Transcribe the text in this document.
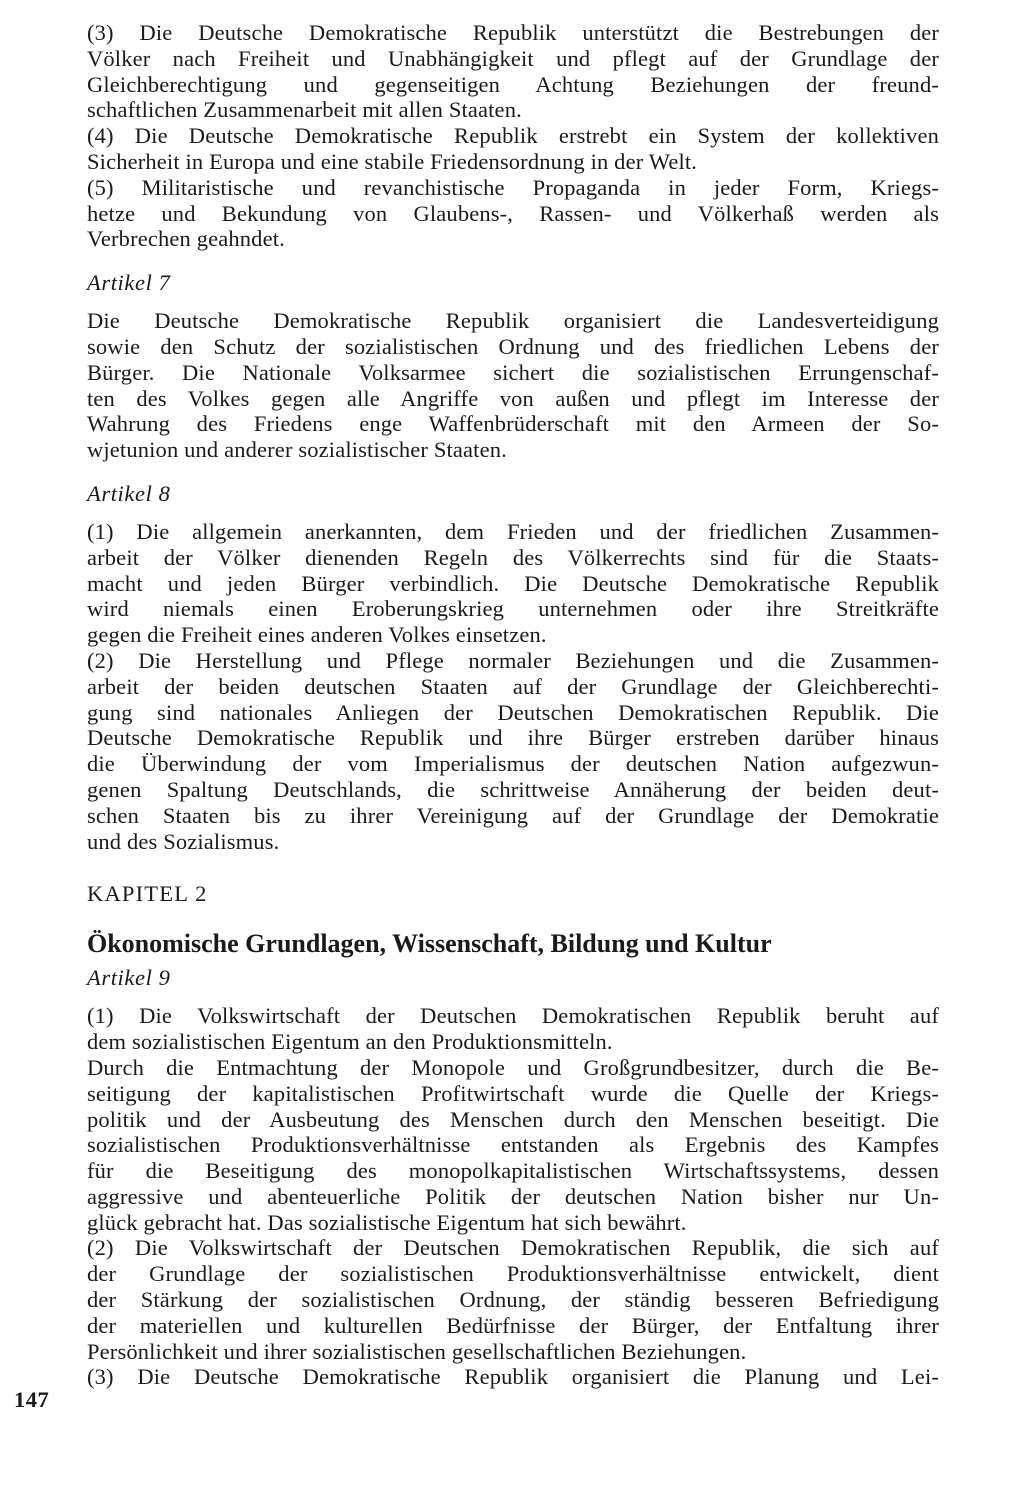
(3) Die Deutsche Demokratische Republik unterstützt die Bestrebungen der
Völker nach Freiheit und Unabhängigkeit und pflegt auf der Grundlage der
Gleichberechtigung und gegenseitigen Achtung Beziehungen der freund-
schaftlichen Zusammenarbeit mit allen Staaten.
(4) Die Deutsche Demokratische Republik erstrebt ein System der kollektiven
Sicherheit in Europa und eine stabile Friedensordnung in der Welt.
(5) Militaristische und revanchistische Propaganda in jeder Form, Kriegs-
hetze und Bekundung von Glaubens-, Rassen- und Völkerhaß werden als
Verbrechen geahndet.
Artikel 7
Die Deutsche Demokratische Republik organisiert die Landesverteidigung
sowie den Schutz der sozialistischen Ordnung und des friedlichen Lebens der
Bürger. Die Nationale Volksarmee sichert die sozialistischen Errungenschaf-
ten des Volkes gegen alle Angriffe von außen und pflegt im Interesse der
Wahrung des Friedens enge Waffenbrüderschaft mit den Armeen der So-
wjetunion und anderer sozialistischer Staaten.
Artikel 8
(1) Die allgemein anerkannten, dem Frieden und der friedlichen Zusammen-
arbeit der Völker dienenden Regeln des Völkerrechts sind für die Staats-
macht und jeden Bürger verbindlich. Die Deutsche Demokratische Republik
wird niemals einen Eroberungskrieg unternehmen oder ihre Streitkräfte
gegen die Freiheit eines anderen Volkes einsetzen.
(2) Die Herstellung und Pflege normaler Beziehungen und die Zusammen-
arbeit der beiden deutschen Staaten auf der Grundlage der Gleichberechti-
gung sind nationales Anliegen der Deutschen Demokratischen Republik. Die
Deutsche Demokratische Republik und ihre Bürger erstreben darüber hinaus
die Überwindung der vom Imperialismus der deutschen Nation aufgezwun-
genen Spaltung Deutschlands, die schrittweise Annäherung der beiden deut-
schen Staaten bis zu ihrer Vereinigung auf der Grundlage der Demokratie
und des Sozialismus.
KAPITEL 2
Ökonomische Grundlagen, Wissenschaft, Bildung und Kultur
Artikel 9
(1) Die Volkswirtschaft der Deutschen Demokratischen Republik beruht auf
dem sozialistischen Eigentum an den Produktionsmitteln.
Durch die Entmachtung der Monopole und Großgrundbesitzer, durch die Be-
seitigung der kapitalistischen Profitwirtschaft wurde die Quelle der Kriegs-
politik und der Ausbeutung des Menschen durch den Menschen beseitigt. Die
sozialistischen Produktionsverhältnisse entstanden als Ergebnis des Kampfes
für die Beseitigung des monopolkapitalistischen Wirtschaftssystems, dessen
aggressive und abenteuerliche Politik der deutschen Nation bisher nur Un-
glück gebracht hat. Das sozialistische Eigentum hat sich bewährt.
(2) Die Volkswirtschaft der Deutschen Demokratischen Republik, die sich auf
der Grundlage der sozialistischen Produktionsverhältnisse entwickelt, dient
der Stärkung der sozialistischen Ordnung, der ständig besseren Befriedigung
der materiellen und kulturellen Bedürfnisse der Bürger, der Entfaltung ihrer
Persönlichkeit und ihrer sozialistischen gesellschaftlichen Beziehungen.
(3) Die Deutsche Demokratische Republik organisiert die Planung und Lei-
147
